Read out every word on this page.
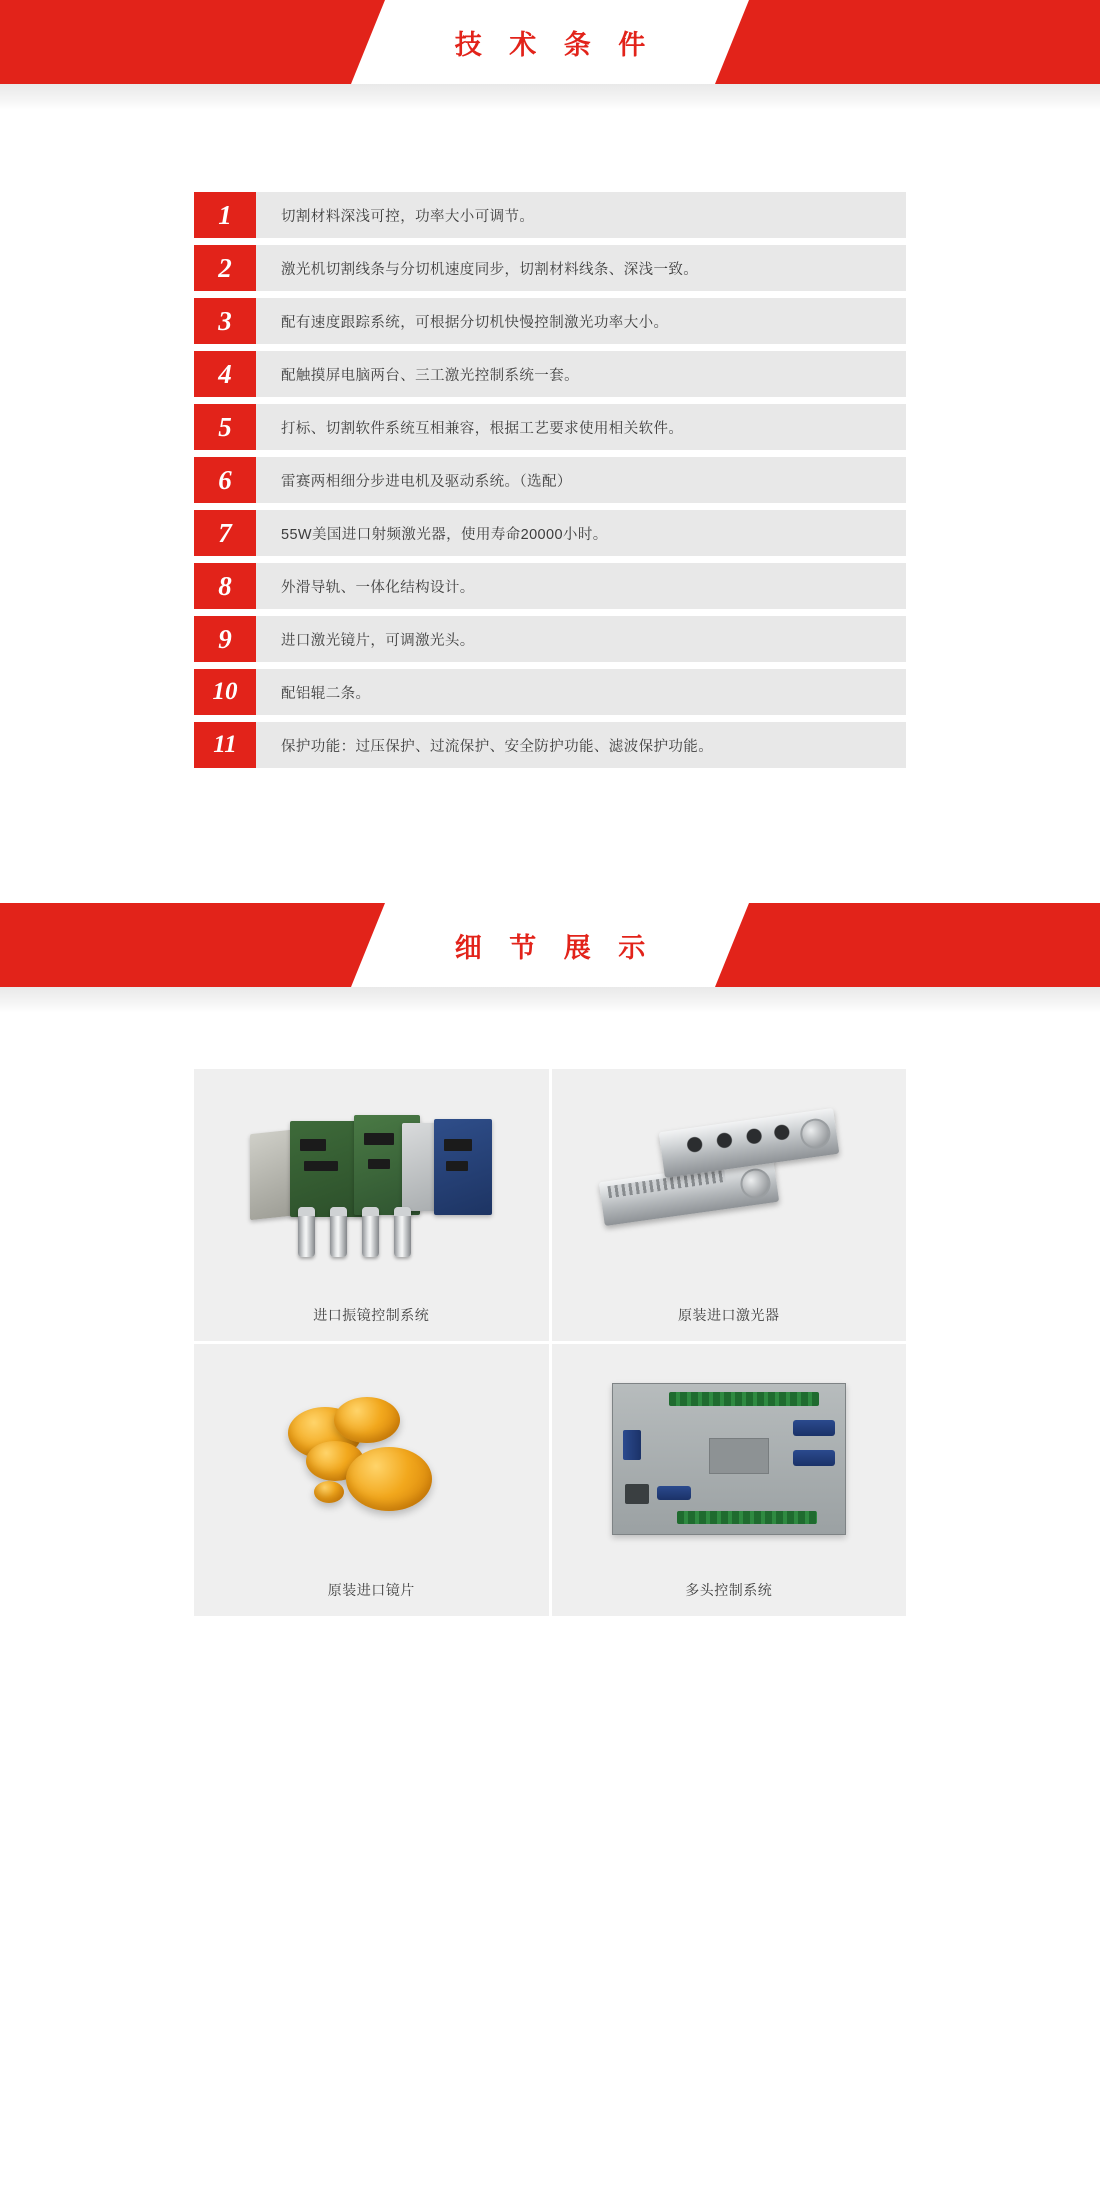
技 术 条 件
1	切割材料深浅可控，功率大小可调节。
2	激光机切割线条与分切机速度同步，切割材料线条、深浅一致。
3	配有速度跟踪系统，可根据分切机快慢控制激光功率大小。
4	配触摸屏电脑两台、三工激光控制系统一套。
5	打标、切割软件系统互相兼容，根据工艺要求使用相关软件。
6	雷赛两相细分步进电机及驱动系统。（选配）
7	55W美国进口射频激光器，使用寿命20000小时。
8	外滑导轨、一体化结构设计。
9	进口激光镜片，可调激光头。
10	配铝辊二条。
11	保护功能：过压保护、过流保护、安全防护功能、滤波保护功能。
细 节 展 示
进口振镜控制系统	原装进口激光器
原装进口镜片	多头控制系统
